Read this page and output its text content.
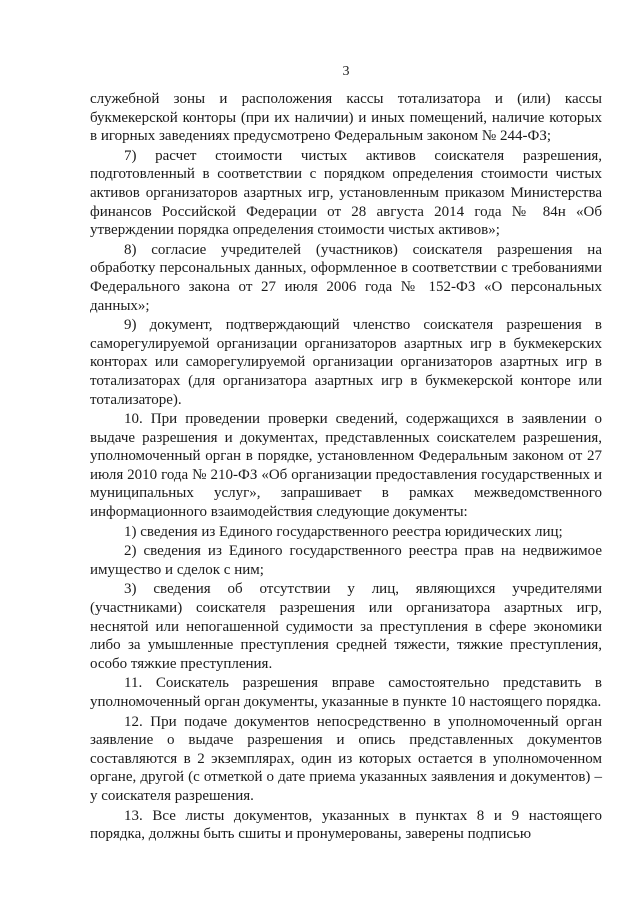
3

служебной зоны и расположения кассы тотализатора и (или) кассы букмекерской конторы (при их наличии) и иных помещений, наличие которых в игорных заведениях предусмотрено Федеральным законом № 244-ФЗ;

7) расчет стоимости чистых активов соискателя разрешения, подготовленный в соответствии с порядком определения стоимости чистых активов организаторов азартных игр, установленным приказом Министерства финансов Российской Федерации от 28 августа 2014 года № 84н «Об утверждении порядка определения стоимости чистых активов»;

8) согласие учредителей (участников) соискателя разрешения на обработку персональных данных, оформленное в соответствии с требованиями Федерального закона от 27 июля 2006 года № 152-ФЗ «О персональных данных»;

9) документ, подтверждающий членство соискателя разрешения в саморегулируемой организации организаторов азартных игр в букмекерских конторах или саморегулируемой организации организаторов азартных игр в тотализаторах (для организатора азартных игр в букмекерской конторе или тотализаторе).

10. При проведении проверки сведений, содержащихся в заявлении о выдаче разрешения и документах, представленных соискателем разрешения, уполномоченный орган в порядке, установленном Федеральным законом от 27 июля 2010 года № 210-ФЗ «Об организации предоставления государственных и муниципальных услуг», запрашивает в рамках межведомственного информационного взаимодействия следующие документы:

1) сведения из Единого государственного реестра юридических лиц;

2) сведения из Единого государственного реестра прав на недвижимое имущество и сделок с ним;

3) сведения об отсутствии у лиц, являющихся учредителями (участниками) соискателя разрешения или организатора азартных игр, неснятой или непогашенной судимости за преступления в сфере экономики либо за умышленные преступления средней тяжести, тяжкие преступления, особо тяжкие преступления.

11. Соискатель разрешения вправе самостоятельно представить в уполномоченный орган документы, указанные в пункте 10 настоящего порядка.

12. При подаче документов непосредственно в уполномоченный орган заявление о выдаче разрешения и опись представленных документов составляются в 2 экземплярах, один из которых остается в уполномоченном органе, другой (с отметкой о дате приема указанных заявления и документов) – у соискателя разрешения.

13. Все листы документов, указанных в пунктах 8 и 9 настоящего порядка, должны быть сшиты и пронумерованы, заверены подписью
